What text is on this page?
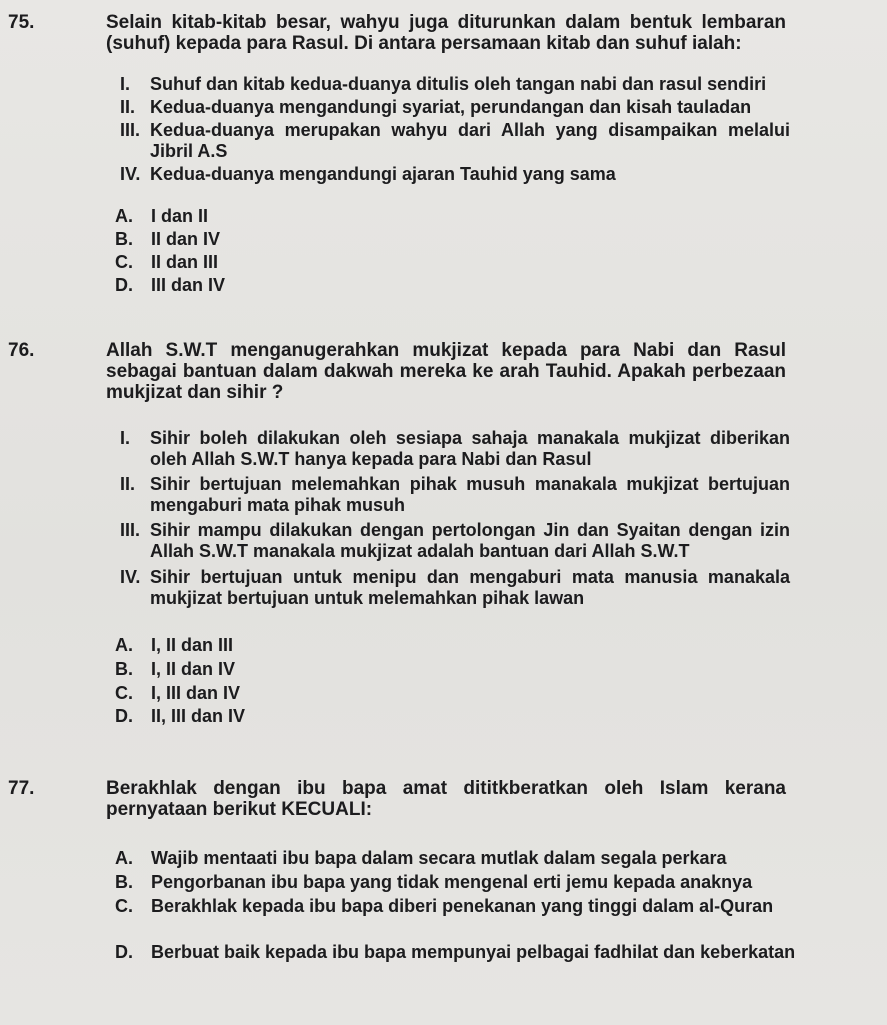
75.	Selain kitab-kitab besar, wahyu juga diturunkan dalam bentuk lembaran (suhuf) kepada para Rasul. Di antara persamaan kitab dan suhuf ialah:
I.	Suhuf dan kitab kedua-duanya ditulis oleh tangan nabi dan rasul sendiri
II. Kedua-duanya mengandungi syariat, perundangan dan kisah tauladan
III. Kedua-duanya merupakan wahyu dari Allah yang disampaikan melalui Jibril A.S
IV. Kedua-duanya mengandungi ajaran Tauhid yang sama
A.	I dan II
B.	II dan IV
C.	II dan III
D.	III dan IV
76.	Allah S.W.T menganugerahkan mukjizat kepada para Nabi dan Rasul sebagai bantuan dalam dakwah mereka ke arah Tauhid. Apakah perbezaan mukjizat dan sihir ?
I.	Sihir boleh dilakukan oleh sesiapa sahaja manakala mukjizat diberikan oleh Allah S.W.T hanya kepada para Nabi dan Rasul
II. Sihir bertujuan melemahkan pihak musuh manakala mukjizat bertujuan mengaburi mata pihak musuh
III. Sihir mampu dilakukan dengan pertolongan Jin dan Syaitan dengan izin Allah S.W.T manakala mukjizat adalah bantuan dari Allah S.W.T
IV. Sihir bertujuan untuk menipu dan mengaburi mata manusia manakala mukjizat bertujuan untuk melemahkan pihak lawan
A.	I, II dan III
B.	I, II dan IV
C.	I, III dan IV
D.	II, III dan IV
77.	Berakhlak dengan ibu bapa amat dititkberatkan oleh Islam kerana pernyataan berikut KECUALI:
A.	Wajib mentaati ibu bapa dalam secara mutlak dalam segala perkara
B.	Pengorbanan ibu bapa yang tidak mengenal erti jemu kepada anaknya
C.	Berakhlak kepada ibu bapa diberi penekanan yang tinggi dalam al-Quran
D.	Berbuat baik kepada ibu bapa mempunyai pelbagai fadhilat dan keberkatan
